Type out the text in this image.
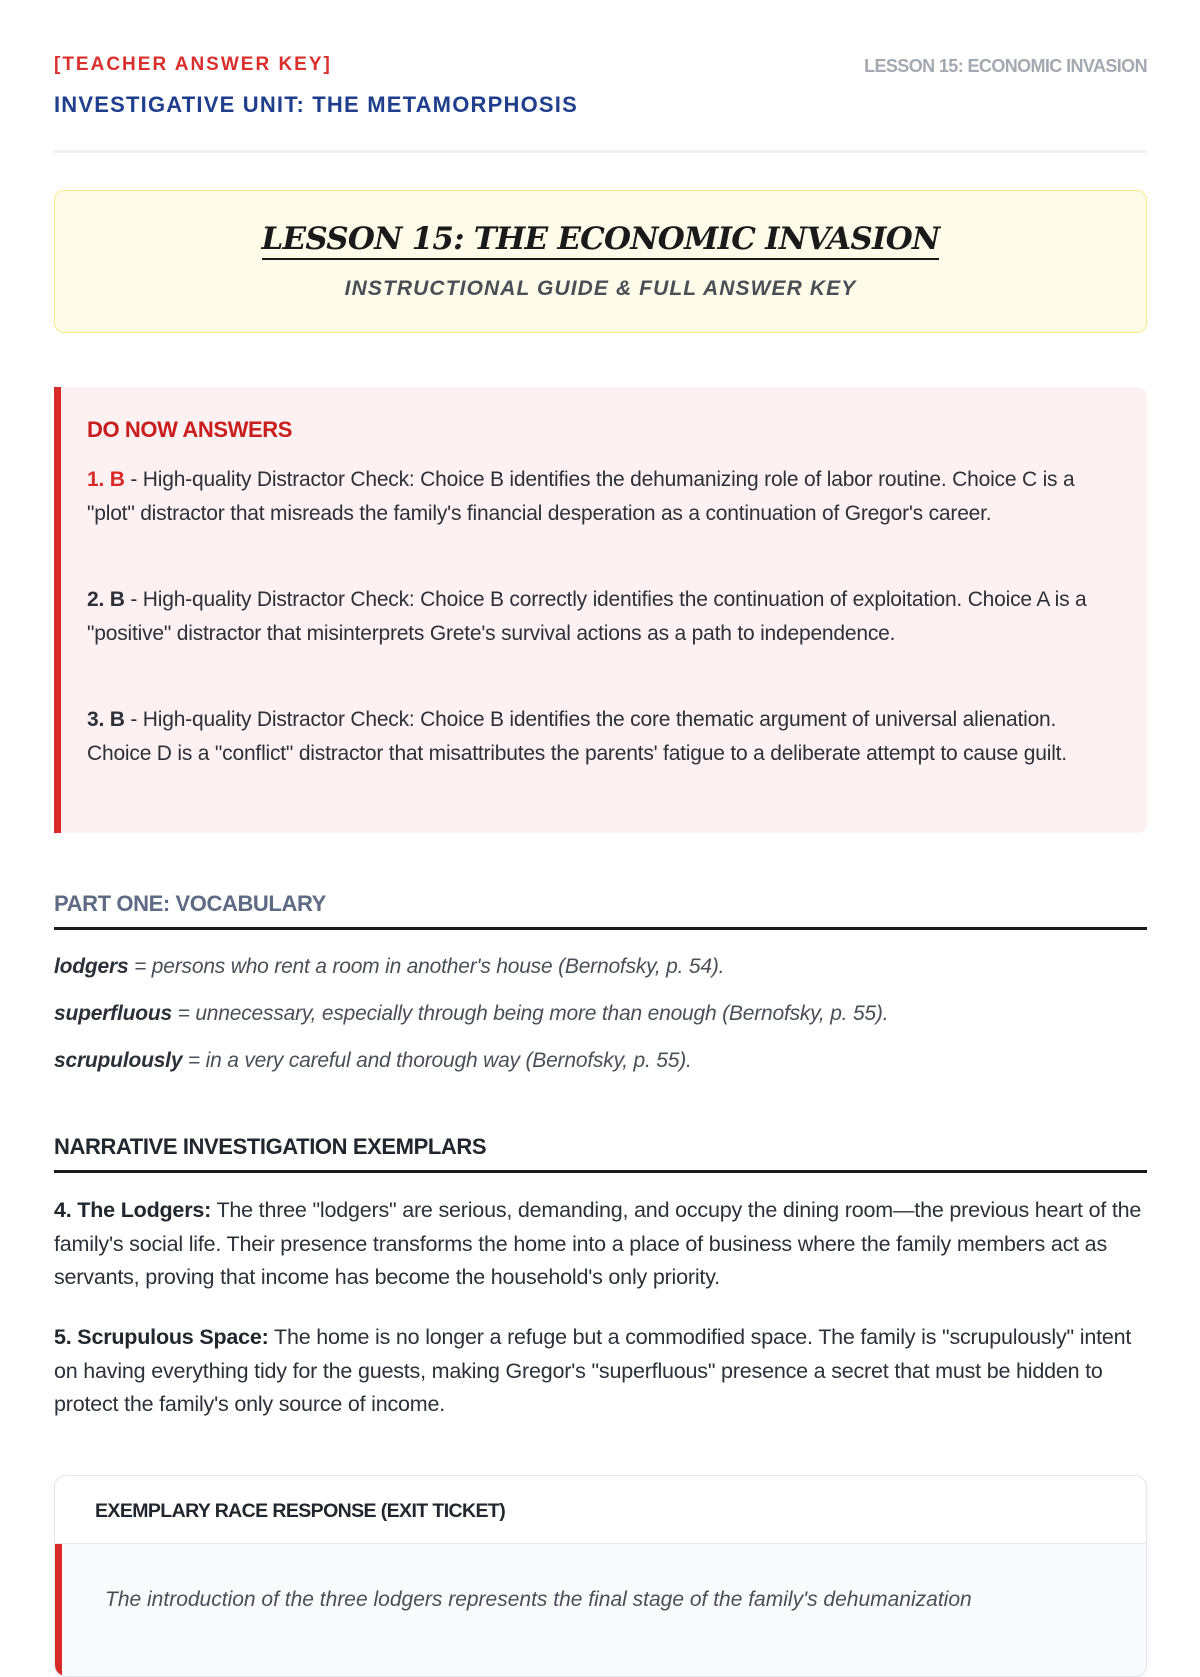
[TEACHER ANSWER KEY]
INVESTIGATIVE UNIT: THE METAMORPHOSIS
LESSON 15: ECONOMIC INVASION
LESSON 15: THE ECONOMIC INVASION
INSTRUCTIONAL GUIDE & FULL ANSWER KEY
DO NOW ANSWERS
1. B - High-quality Distractor Check: Choice B identifies the dehumanizing role of labor routine. Choice C is a "plot" distractor that misreads the family's financial desperation as a continuation of Gregor's career.
2. B - High-quality Distractor Check: Choice B correctly identifies the continuation of exploitation. Choice A is a "positive" distractor that misinterprets Grete's survival actions as a path to independence.
3. B - High-quality Distractor Check: Choice B identifies the core thematic argument of universal alienation. Choice D is a "conflict" distractor that misattributes the parents' fatigue to a deliberate attempt to cause guilt.
PART ONE: VOCABULARY
lodgers = persons who rent a room in another's house (Bernofsky, p. 54).
superfluous = unnecessary, especially through being more than enough (Bernofsky, p. 55).
scrupulously = in a very careful and thorough way (Bernofsky, p. 55).
NARRATIVE INVESTIGATION EXEMPLARS
4. The Lodgers: The three "lodgers" are serious, demanding, and occupy the dining room—the previous heart of the family's social life. Their presence transforms the home into a place of business where the family members act as servants, proving that income has become the household's only priority.
5. Scrupulous Space: The home is no longer a refuge but a commodified space. The family is "scrupulously" intent on having everything tidy for the guests, making Gregor's "superfluous" presence a secret that must be hidden to protect the family's only source of income.
EXEMPLARY RACE RESPONSE (EXIT TICKET)
The introduction of the three lodgers represents the final stage of the family's dehumanization
